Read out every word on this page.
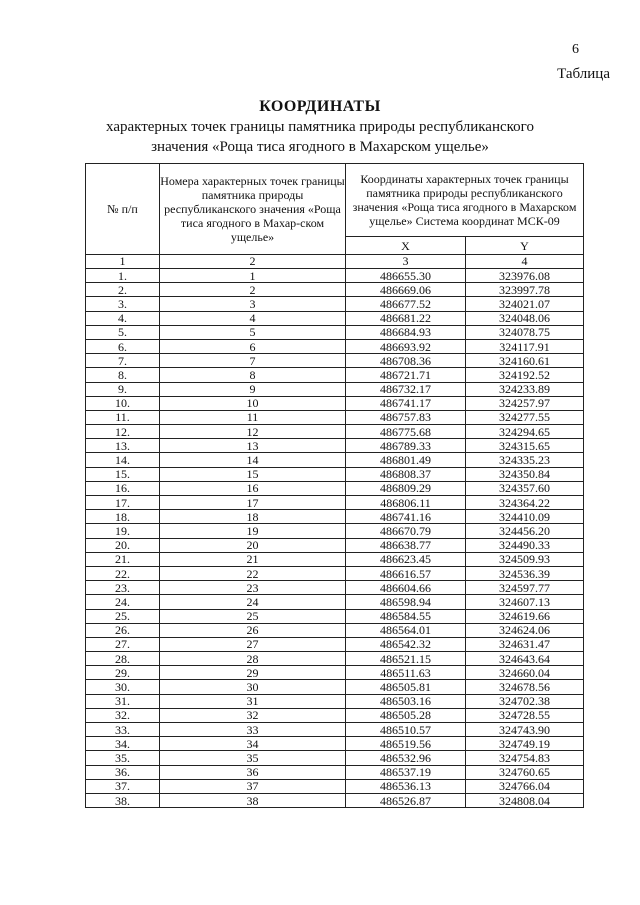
6
Таблица
КООРДИНАТЫ
характерных точек границы памятника природы республиканского
значения «Роща тиса ягодного в Махарском ущелье»
№ п/п	Номера характерных точек границы памятника природы республиканского значения «Роща тиса ягодного в Махар-ском ущелье»	Координаты характерных точек границы памятника природы республиканского значения «Роща тиса ягодного в Махарском ущелье» Система координат МСК-09	
		X	Y
1	2	3	4
1.	1	486655.30	323976.08
2.	2	486669.06	323997.78
3.	3	486677.52	324021.07
4.	4	486681.22	324048.06
5.	5	486684.93	324078.75
6.	6	486693.92	324117.91
7.	7	486708.36	324160.61
8.	8	486721.71	324192.52
9.	9	486732.17	324233.89
10.	10	486741.17	324257.97
11.	11	486757.83	324277.55
12.	12	486775.68	324294.65
13.	13	486789.33	324315.65
14.	14	486801.49	324335.23
15.	15	486808.37	324350.84
16.	16	486809.29	324357.60
17.	17	486806.11	324364.22
18.	18	486741.16	324410.09
19.	19	486670.79	324456.20
20.	20	486638.77	324490.33
21.	21	486623.45	324509.93
22.	22	486616.57	324536.39
23.	23	486604.66	324597.77
24.	24	486598.94	324607.13
25.	25	486584.55	324619.66
26.	26	486564.01	324624.06
27.	27	486542.32	324631.47
28.	28	486521.15	324643.64
29.	29	486511.63	324660.04
30.	30	486505.81	324678.56
31.	31	486503.16	324702.38
32.	32	486505.28	324728.55
33.	33	486510.57	324743.90
34.	34	486519.56	324749.19
35.	35	486532.96	324754.83
36.	36	486537.19	324760.65
37.	37	486536.13	324766.04
38.	38	486526.87	324808.04
